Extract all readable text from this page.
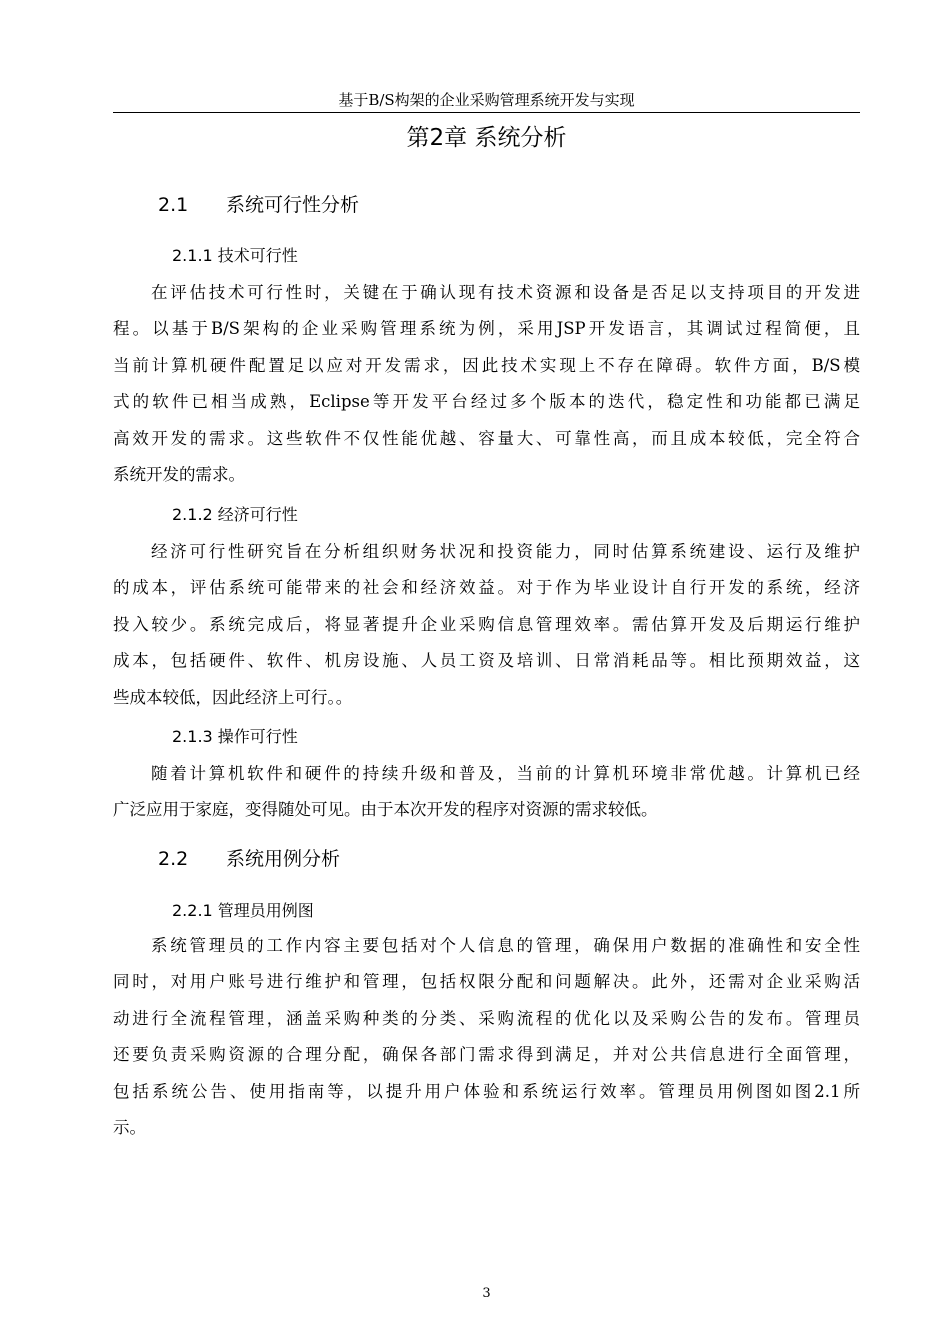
基于B/S构架的企业采购管理系统开发与实现
第2章 系统分析
2.1 系统可行性分析
2.1.1 技术可行性
在评估技术可行性时，关键在于确认现有技术资源和设备是否足以支持项目的开发进
程。以基于B/S架构的企业采购管理系统为例，采用JSP开发语言，其调试过程简便，且
当前计算机硬件配置足以应对开发需求，因此技术实现上不存在障碍。软件方面，B/S模
式的软件已相当成熟，Eclipse等开发平台经过多个版本的迭代，稳定性和功能都已满足
高效开发的需求。这些软件不仅性能优越、容量大、可靠性高，而且成本较低，完全符合
系统开发的需求。
2.1.2 经济可行性
经济可行性研究旨在分析组织财务状况和投资能力，同时估算系统建设、运行及维护
的成本，评估系统可能带来的社会和经济效益。对于作为毕业设计自行开发的系统，经济
投入较少。系统完成后，将显著提升企业采购信息管理效率。需估算开发及后期运行维护
成本，包括硬件、软件、机房设施、人员工资及培训、日常消耗品等。相比预期效益，这
些成本较低，因此经济上可行。。
2.1.3 操作可行性
随着计算机软件和硬件的持续升级和普及，当前的计算机环境非常优越。计算机已经
广泛应用于家庭，变得随处可见。由于本次开发的程序对资源的需求较低。
2.2 系统用例分析
2.2.1 管理员用例图
系统管理员的工作内容主要包括对个人信息的管理，确保用户数据的准确性和安全性
同时，对用户账号进行维护和管理，包括权限分配和问题解决。此外，还需对企业采购活
动进行全流程管理，涵盖采购种类的分类、采购流程的优化以及采购公告的发布。管理员
还要负责采购资源的合理分配，确保各部门需求得到满足，并对公共信息进行全面管理，
包括系统公告、使用指南等，以提升用户体验和系统运行效率。管理员用例图如图2.1所
示。
3
